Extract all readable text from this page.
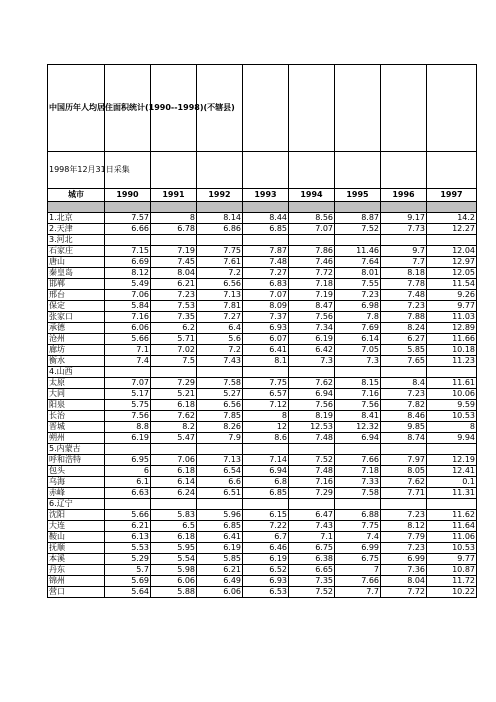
中国历年人均居住面积统计(1990--1998)(不辖县)								
1998年12月31日采集								
城市	1990	1991	1992	1993	1994	1995	1996	1997

1.北京	7.57	8	8.14	8.44	8.56	8.87	9.17	14.2
2.天津	6.66	6.78	6.86	6.85	7.07	7.52	7.73	12.27
3.河北								
石家庄	7.15	7.19	7.75	7.87	7.86	11.46	9.7	12.04
唐山	6.69	7.45	7.61	7.48	7.46	7.64	7.7	12.97
秦皇岛	8.12	8.04	7.2	7.27	7.72	8.01	8.18	12.05
邯郸	5.49	6.21	6.56	6.83	7.18	7.55	7.78	11.54
邢台	7.06	7.23	7.13	7.07	7.19	7.23	7.48	9.26
保定	5.84	7.53	7.81	8.09	8.47	6.98	7.23	9.77
张家口	7.16	7.35	7.27	7.37	7.56	7.8	7.88	11.03
承德	6.06	6.2	6.4	6.93	7.34	7.69	8.24	12.89
沧州	5.66	5.71	5.6	6.07	6.19	6.14	6.27	11.66
廊坊	7.1	7.02	7.2	6.41	6.42	7.05	5.85	10.18
衡水	7.4	7.5	7.43	8.1	7.3	7.3	7.65	11.23
4.山西								
太原	7.07	7.29	7.58	7.75	7.62	8.15	8.4	11.61
大同	5.17	5.21	5.27	6.57	6.94	7.16	7.23	10.06
阳泉	5.75	6.18	6.56	7.12	7.56	7.56	7.82	9.59
长治	7.56	7.62	7.85	8	8.19	8.41	8.46	10.53
晋城	8.8	8.2	8.26	12	12.53	12.32	9.85	8
朔州	6.19	5.47	7.9	8.6	7.48	6.94	8.74	9.94
5.内蒙古								
呼和浩特	6.95	7.06	7.13	7.14	7.52	7.66	7.97	12.19
包头	6	6.18	6.54	6.94	7.48	7.18	8.05	12.41
乌海	6.1	6.14	6.6	6.8	7.16	7.33	7.62	0.1
赤峰	6.63	6.24	6.51	6.85	7.29	7.58	7.71	11.31
6.辽宁								
沈阳	5.66	5.83	5.96	6.15	6.47	6.88	7.23	11.62
大连	6.21	6.5	6.85	7.22	7.43	7.75	8.12	11.64
鞍山	6.13	6.18	6.41	6.7	7.1	7.4	7.79	11.06
抚顺	5.53	5.95	6.19	6.46	6.75	6.99	7.23	10.53
本溪	5.29	5.54	5.85	6.19	6.38	6.75	6.99	9.77
丹东	5.7	5.98	6.21	6.52	6.65	7	7.36	10.87
锦州	5.69	6.06	6.49	6.93	7.35	7.66	8.04	11.72
营口	5.64	5.88	6.06	6.53	7.52	7.7	7.72	10.22
